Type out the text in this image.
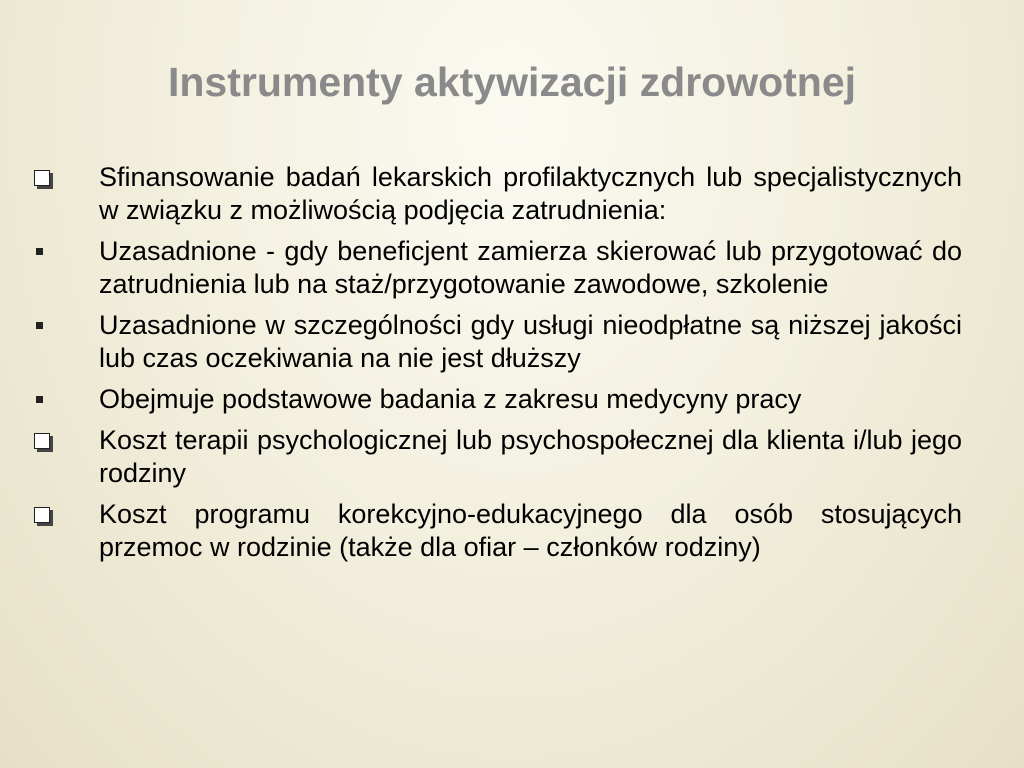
Instrumenty aktywizacji zdrowotnej
Sfinansowanie badań lekarskich profilaktycznych lub specjalistycznych w związku z możliwością podjęcia zatrudnienia:
Uzasadnione - gdy beneficjent zamierza skierować lub przygotować do zatrudnienia lub na staż/przygotowanie zawodowe, szkolenie
Uzasadnione w szczególności gdy usługi nieodpłatne są niższej jakości lub czas oczekiwania na nie jest dłuższy
Obejmuje podstawowe badania z zakresu medycyny pracy
Koszt terapii psychologicznej lub psychospołecznej dla klienta i/lub jego rodziny
Koszt programu korekcyjno-edukacyjnego dla osób stosujących przemoc w rodzinie (także dla ofiar – członków rodziny)
